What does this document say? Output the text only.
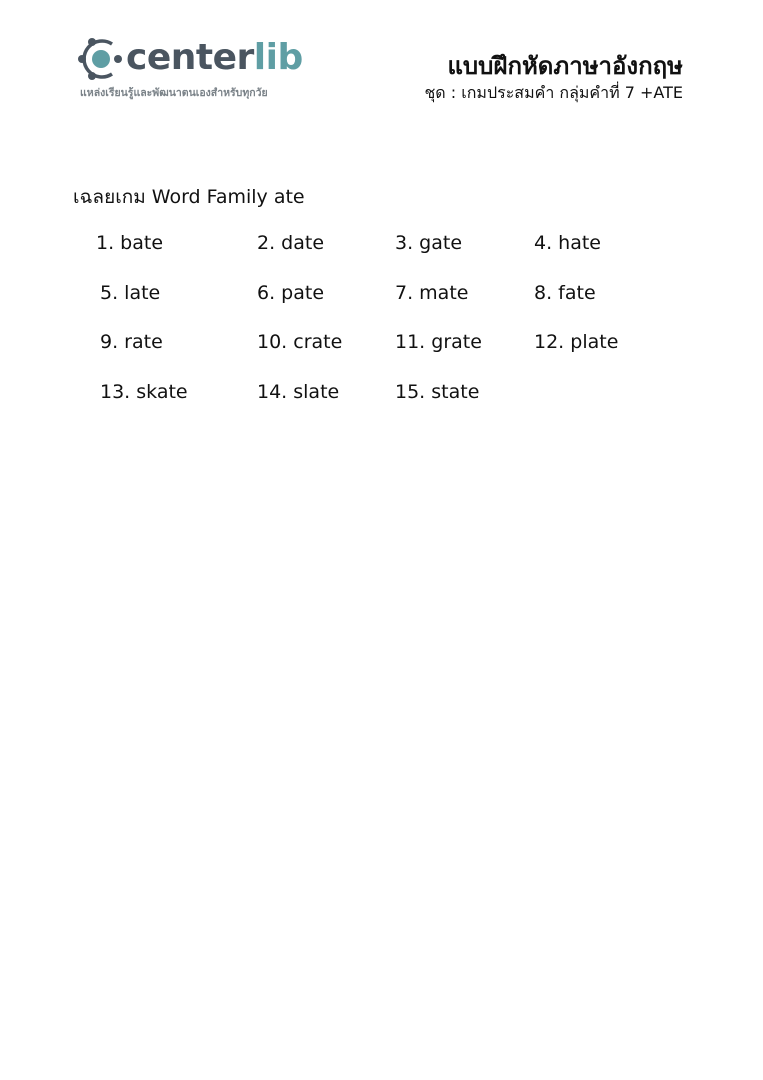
centerlib
แหล่งเรียนรู้และพัฒนาตนเองสำหรับทุกวัย
แบบฝึกหัดภาษาอังกฤษ
ชุด : เกมประสมคำ กลุ่มคำที่ 7 +ATE
เฉลยเกม Word Family ate
1. bate	2. date	3. gate	4. hate
5. late	6. pate	7. mate	8. fate
9. rate	10. crate	11. grate	12. plate
13. skate	14. slate	15. state
